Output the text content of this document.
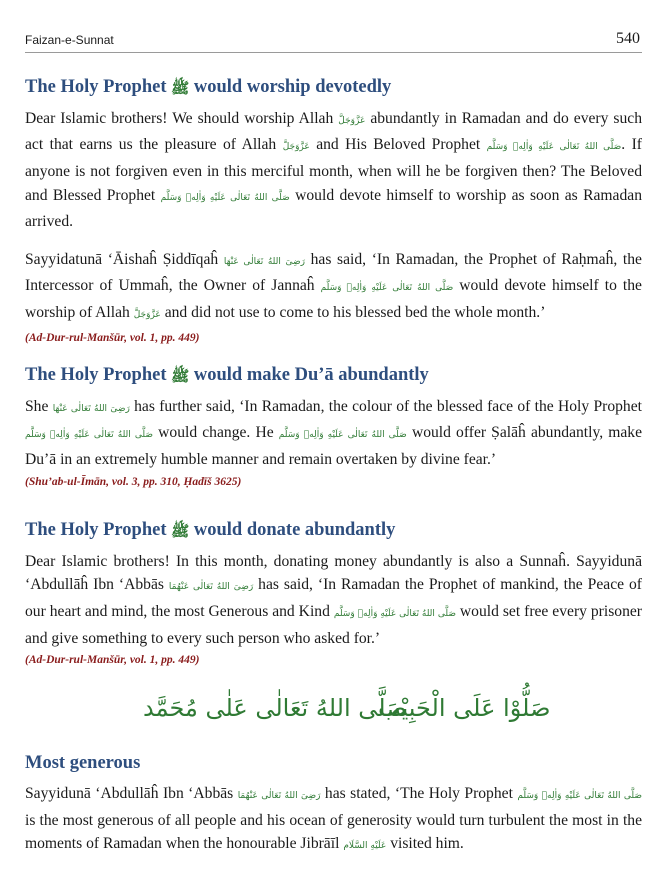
Faizan-e-Sunnat	540
The Holy Prophet ﷺ would worship devotedly

Dear Islamic brothers! We should worship Allah عَزَّوَجَلَّ abundantly in Ramadan and do every such act that earns us the pleasure of Allah عَزَّوَجَلَّ and His Beloved Prophet صَلَّى اللهُ تَعَالٰى عَلَيْهِ وَاٰلِهٖ وَسَلَّم. If anyone is not forgiven even in this merciful month, when will he be forgiven then? The Beloved and Blessed Prophet صَلَّى اللهُ تَعَالٰى عَلَيْهِ وَاٰلِهٖ وَسَلَّم would devote himself to worship as soon as Ramadan arrived.

Sayyidatunā ‘Āishaĥ Ṣiddīqaĥ رَضِىَ اللهُ تَعَالٰى عَنْهَا has said, ‘In Ramadan, the Prophet of Raḥmaĥ, the Intercessor of Ummaĥ, the Owner of Jannaĥ صَلَّى اللهُ تَعَالٰى عَلَيْهِ وَاٰلِهٖ وَسَلَّم would devote himself to the worship of Allah عَزَّوَجَلَّ and did not use to come to his blessed bed the whole month.’

(Ad-Dur-rul-Manšūr, vol. 1, pp. 449)
The Holy Prophet ﷺ would make Du’ā abundantly

She رَضِىَ اللهُ تَعَالٰى عَنْهَا has further said, ‘In Ramadan, the colour of the blessed face of the Holy Prophet صَلَّى اللهُ تَعَالٰى عَلَيْهِ وَاٰلِهٖ وَسَلَّم would change. He صَلَّى اللهُ تَعَالٰى عَلَيْهِ وَاٰلِهٖ وَسَلَّم would offer Ṣalāĥ abundantly, make Du’ā in an extremely humble manner and remain overtaken by divine fear.’

(Shu’ab-ul-Īmān, vol. 3, pp. 310, Ḥadīš 3625)
The Holy Prophet ﷺ would donate abundantly

Dear Islamic brothers! In this month, donating money abundantly is also a Sunnaĥ. Sayyidunā ‘Abdullāĥ Ibn ‘Abbās رَضِىَ اللهُ تَعَالٰى عَنْهُمَا has said, ‘In Ramadan the Prophet of mankind, the Peace of our heart and mind, the most Generous and Kind صَلَّى اللهُ تَعَالٰى عَلَيْهِ وَاٰلِهٖ وَسَلَّم would set free every prisoner and give something to every such person who asked for.’

(Ad-Dur-rul-Manšūr, vol. 1, pp. 449)
صَلَّى اللهُ تَعَالٰى عَلٰى مُحَمَّد
صَلُّوْا عَلَى الْحَبِيْب
Most generous

Sayyidunā ‘Abdullāĥ Ibn ‘Abbās رَضِىَ اللهُ تَعَالٰى عَنْهُمَا has stated, ‘The Holy Prophet صَلَّى اللهُ تَعَالٰى عَلَيْهِ وَاٰلِهٖ وَسَلَّم is the most generous of all people and his ocean of generosity would turn turbulent the most in the moments of Ramadan when the honourable Jibrāīl عَلَيْهِ السَّلَام visited him.
